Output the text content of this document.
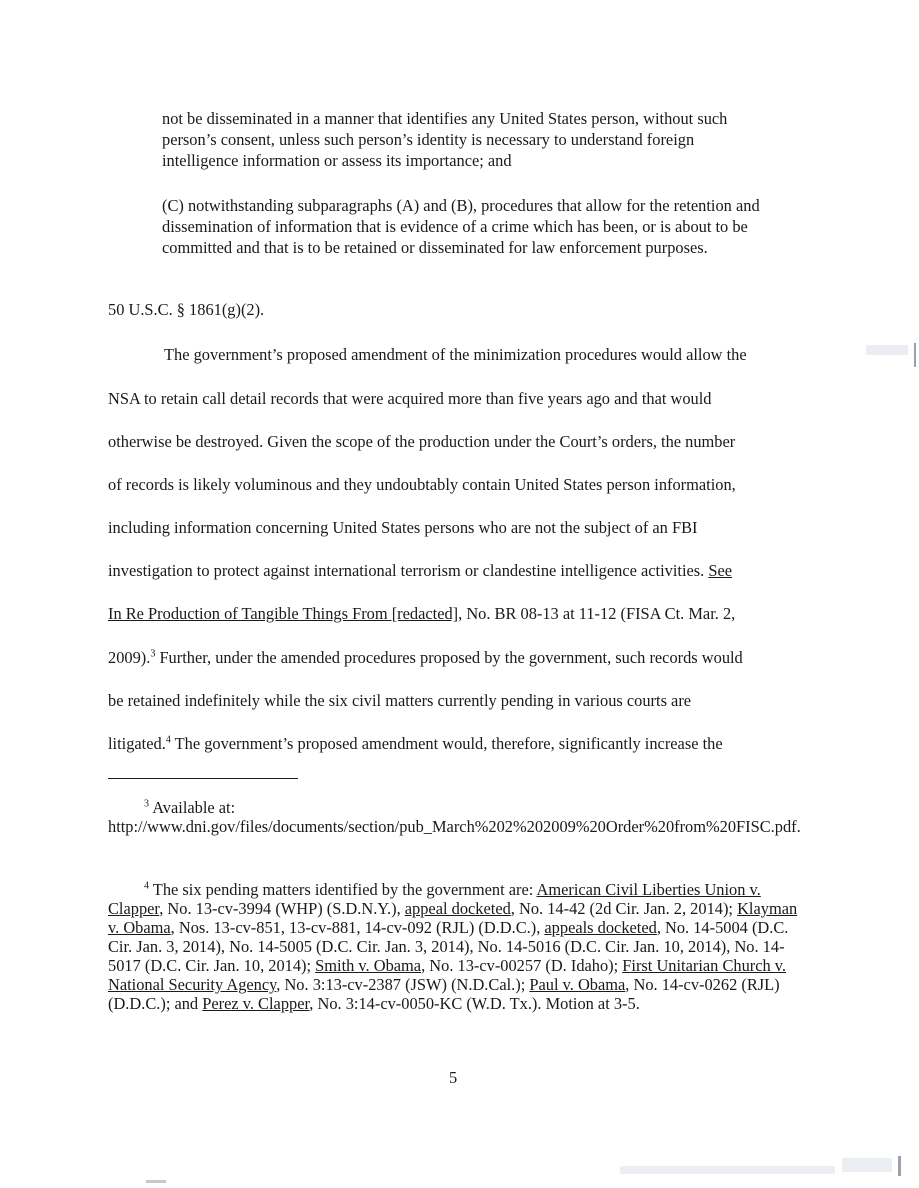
not be disseminated in a manner that identifies any United States person, without such person’s consent, unless such person’s identity is necessary to understand foreign intelligence information or assess its importance; and

(C) notwithstanding subparagraphs (A) and (B), procedures that allow for the retention and dissemination of information that is evidence of a crime which has been, or is about to be committed and that is to be retained or disseminated for law enforcement purposes.

50 U.S.C. § 1861(g)(2).

The government’s proposed amendment of the minimization procedures would allow the
NSA to retain call detail records that were acquired more than five years ago and that would
otherwise be destroyed. Given the scope of the production under the Court’s orders, the number
of records is likely voluminous and they undoubtably contain United States person information,
including information concerning United States persons who are not the subject of an FBI
investigation to protect against international terrorism or clandestine intelligence activities. See
In Re Production of Tangible Things From [redacted], No. BR 08-13 at 11-12 (FISA Ct. Mar. 2,
2009).$^3$ Further, under the amended procedures proposed by the government, such records would
be retained indefinitely while the six civil matters currently pending in various courts are
litigated.$^4$ The government’s proposed amendment would, therefore, significantly increase the

$^3$ Available at:
http://www.dni.gov/files/documents/section/pub_March%202%202009%20Order%20from%20FISC.pdf.

$^4$ The six pending matters identified by the government are: American Civil Liberties Union v. Clapper, No. 13-cv-3994 (WHP) (S.D.N.Y.), appeal docketed, No. 14-42 (2d Cir. Jan. 2, 2014); Klayman v. Obama, Nos. 13-cv-851, 13-cv-881, 14-cv-092 (RJL) (D.D.C.), appeals docketed, No. 14-5004 (D.C. Cir. Jan. 3, 2014), No. 14-5005 (D.C. Cir. Jan. 3, 2014), No. 14-5016 (D.C. Cir. Jan. 10, 2014), No. 14-5017 (D.C. Cir. Jan. 10, 2014); Smith v. Obama, No. 13-cv-00257 (D. Idaho); First Unitarian Church v. National Security Agency, No. 3:13-cv-2387 (JSW) (N.D.Cal.); Paul v. Obama, No. 14-cv-0262 (RJL) (D.D.C.); and Perez v. Clapper, No. 3:14-cv-0050-KC (W.D. Tx.). Motion at 3-5.

5
